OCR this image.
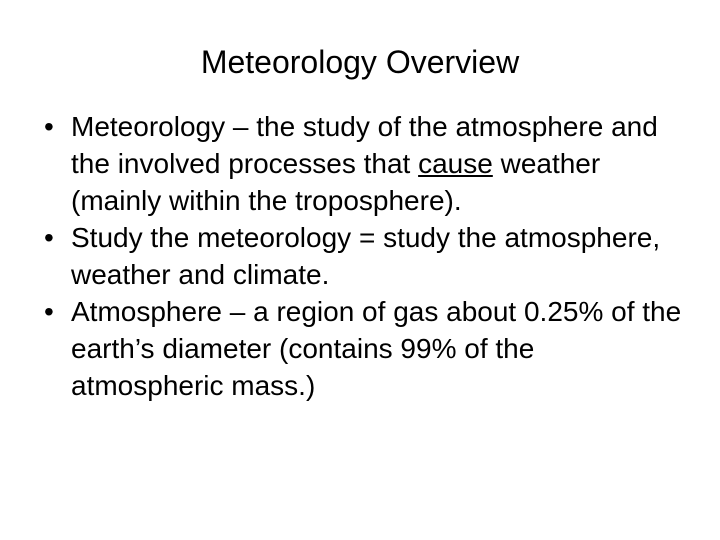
Meteorology Overview
• Meteorology – the study of the atmosphere and the involved processes that cause weather (mainly within the troposphere).
• Study the meteorology = study the atmosphere, weather and climate.
• Atmosphere – a region of gas about 0.25% of the earth’s diameter (contains 99% of the atmospheric mass.)
